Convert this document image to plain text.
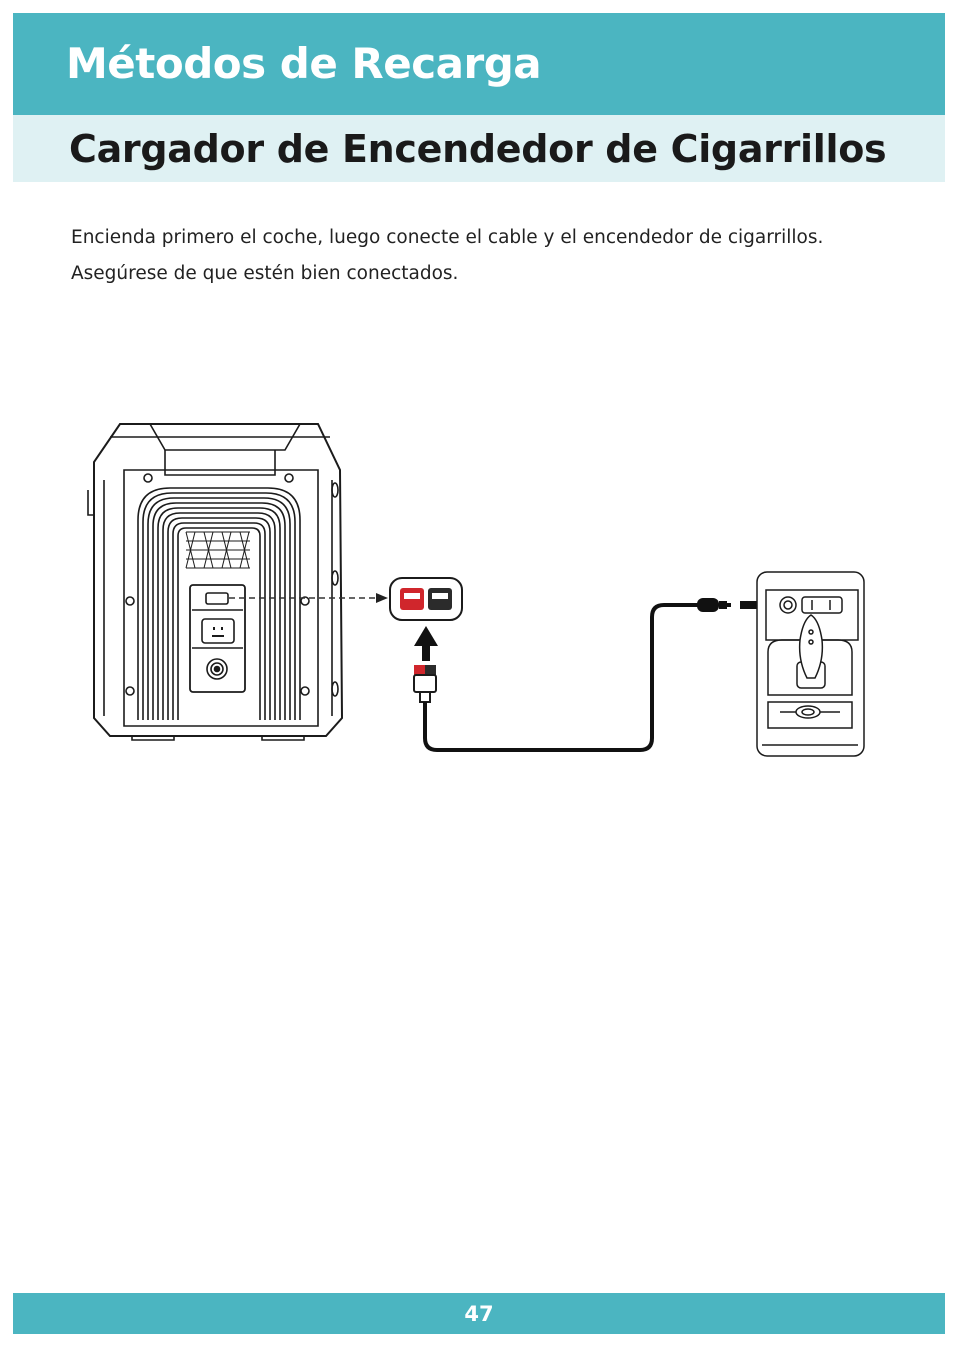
Métodos de Recarga
Cargador de Encendedor de Cigarrillos

Encienda primero el coche, luego conecte el cable y el encendedor de cigarrillos.

Asegúrese de que estén bien conectados.

47
